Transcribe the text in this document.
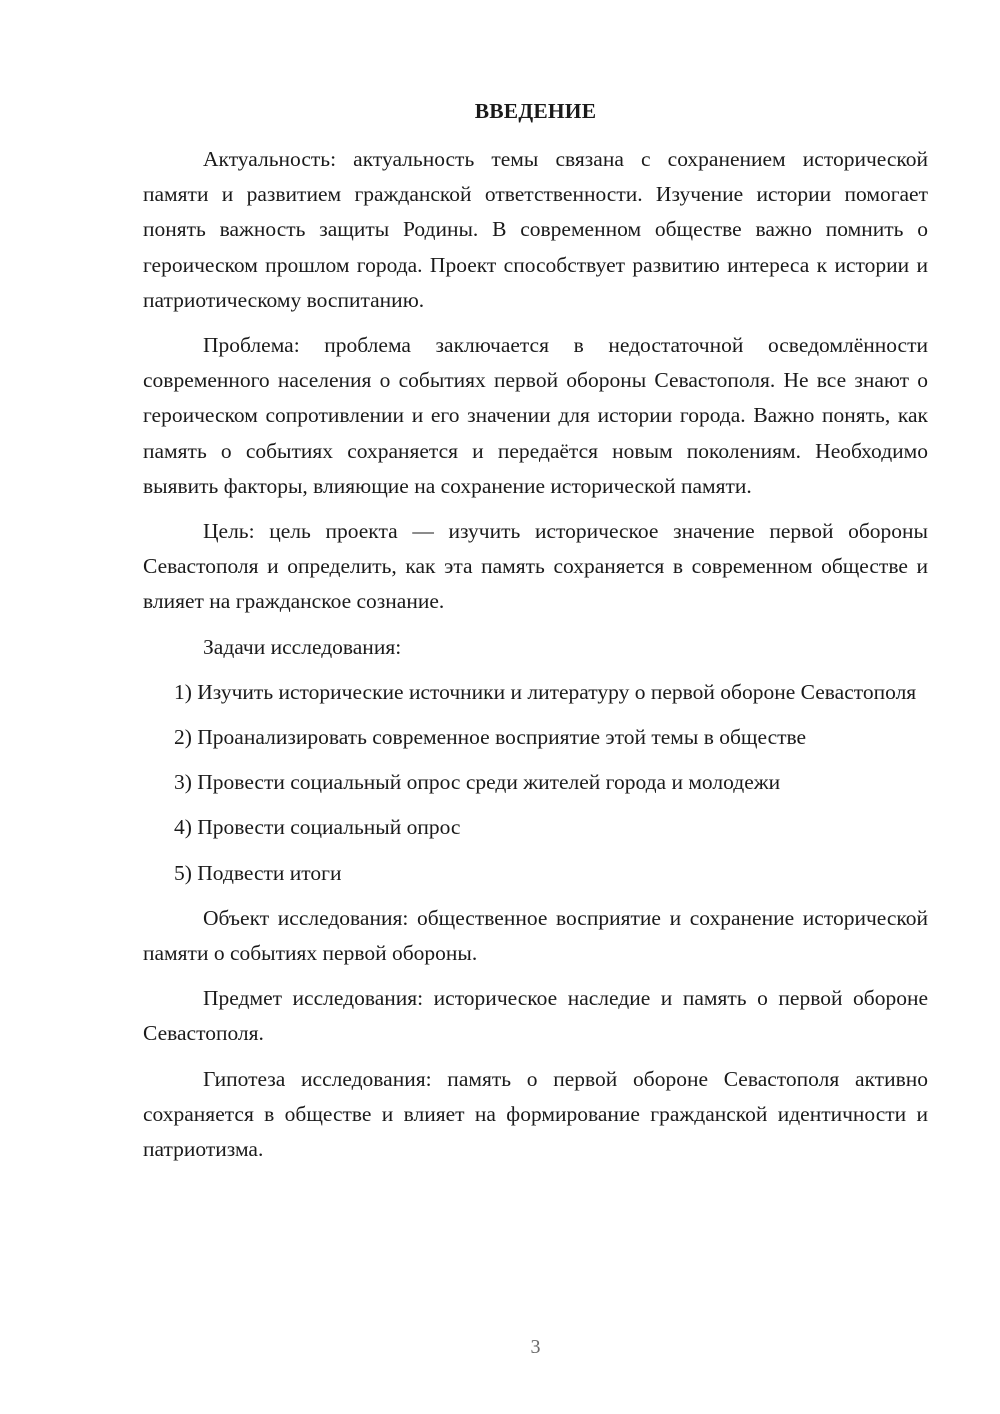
ВВЕДЕНИЕ

Актуальность: актуальность темы связана с сохранением исторической памяти и развитием гражданской ответственности. Изучение истории помогает понять важность защиты Родины. В современном обществе важно помнить о героическом прошлом города. Проект способствует развитию интереса к истории и патриотическому воспитанию.

Проблема: проблема заключается в недостаточной осведомлённости современного населения о событиях первой обороны Севастополя. Не все знают о героическом сопротивлении и его значении для истории города. Важно понять, как память о событиях сохраняется и передаётся новым поколениям. Необходимо выявить факторы, влияющие на сохранение исторической памяти.

Цель: цель проекта — изучить историческое значение первой обороны Севастополя и определить, как эта память сохраняется в современном обществе и влияет на гражданское сознание.

Задачи исследования:

1) Изучить исторические источники и литературу о первой обороне Севастополя

2) Проанализировать современное восприятие этой темы в обществе

3) Провести социальный опрос среди жителей города и молодежи

4) Провести социальный опрос

5) Подвести итоги

Объект исследования: общественное восприятие и сохранение исторической памяти о событиях первой обороны.

Предмет исследования: историческое наследие и память о первой обороне Севастополя.

Гипотеза исследования: память о первой обороне Севастополя активно сохраняется в обществе и влияет на формирование гражданской идентичности и патриотизма.

3
